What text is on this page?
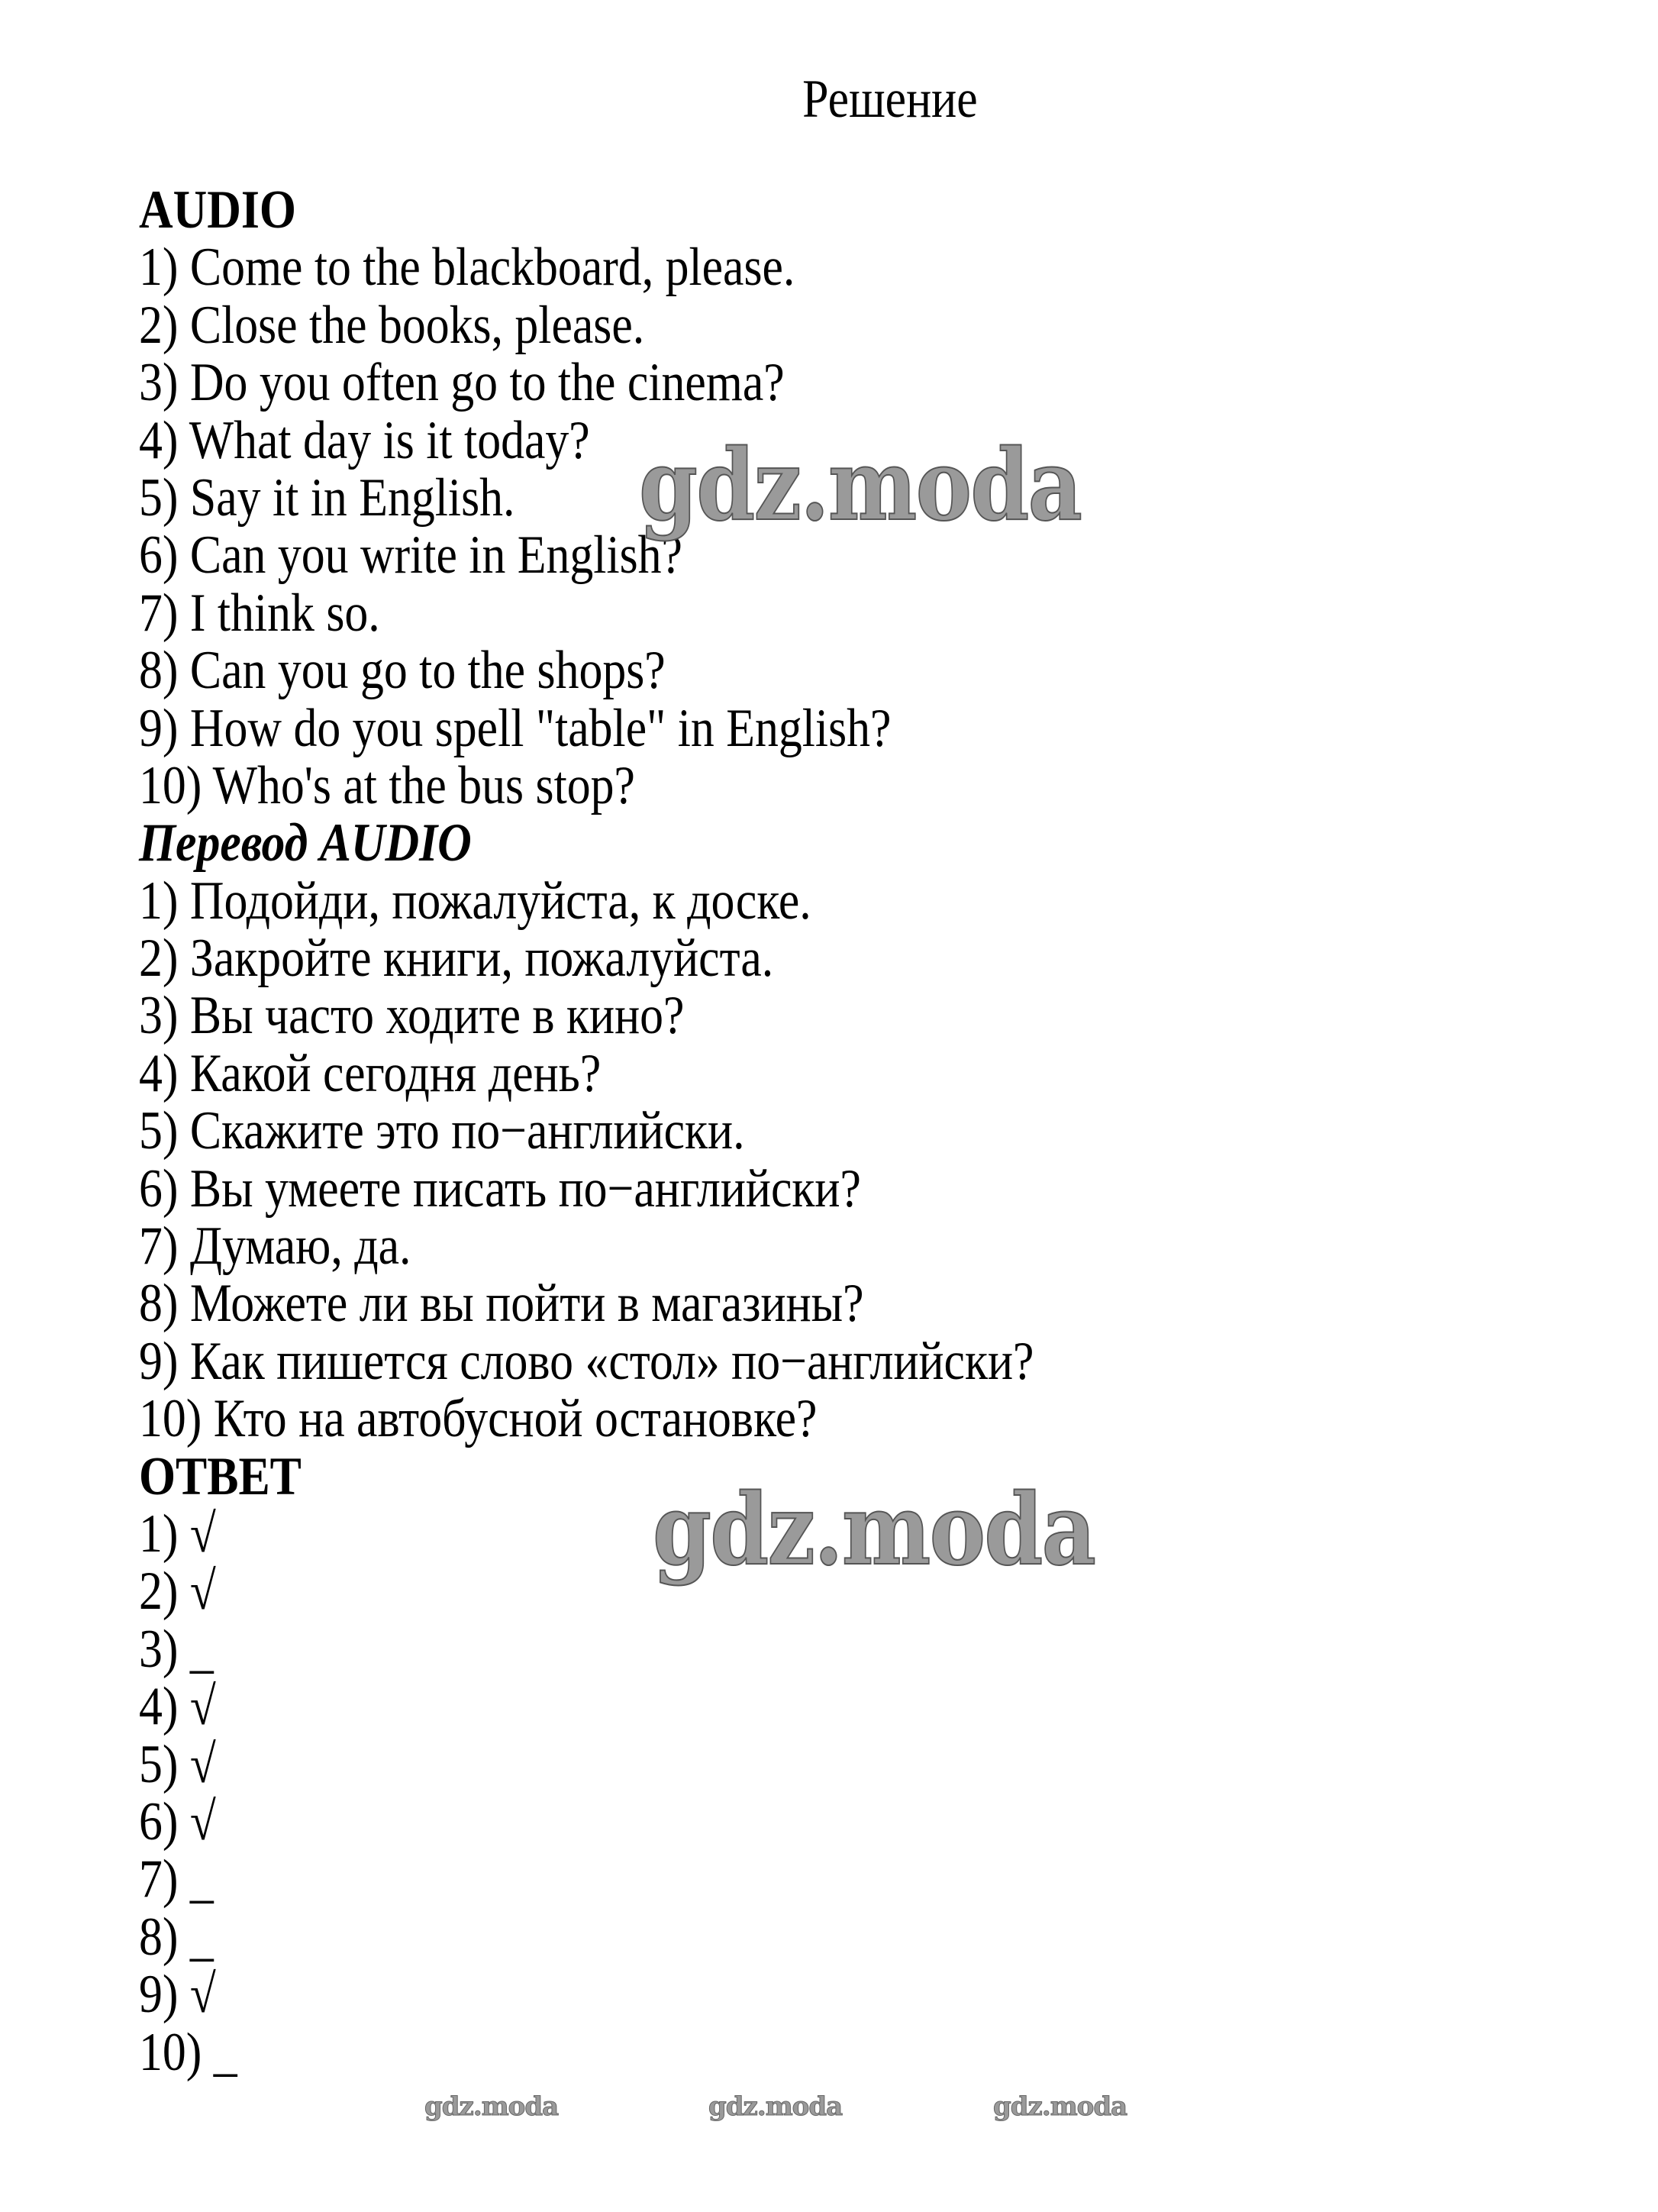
Решение
AUDIO
1) Come to the blackboard, please.
2) Close the books, please.
3) Do you often go to the cinema?
4) What day is it today?
5) Say it in English.
6) Can you write in English?
7) I think so.
8) Can you go to the shops?
9) How do you spell "table" in English?
10) Who's at the bus stop?
Перевод AUDIO
1) Подойди, пожалуйста, к доске.
2) Закройте книги, пожалуйста.
3) Вы часто ходите в кино?
4) Какой сегодня день?
5) Скажите это по−английски.
6) Вы умеете писать по−английски?
7) Думаю, да.
8) Можете ли вы пойти в магазины?
9) Как пишется слово «стол» по−английски?
10) Кто на автобусной остановке?
ОТВЕТ
1) √
2) √
3) _
4) √
5) √
6) √
7) _
8) _
9) √
10) _
gdz.moda
gdz.moda
gdz.moda	gdz.moda	gdz.moda
